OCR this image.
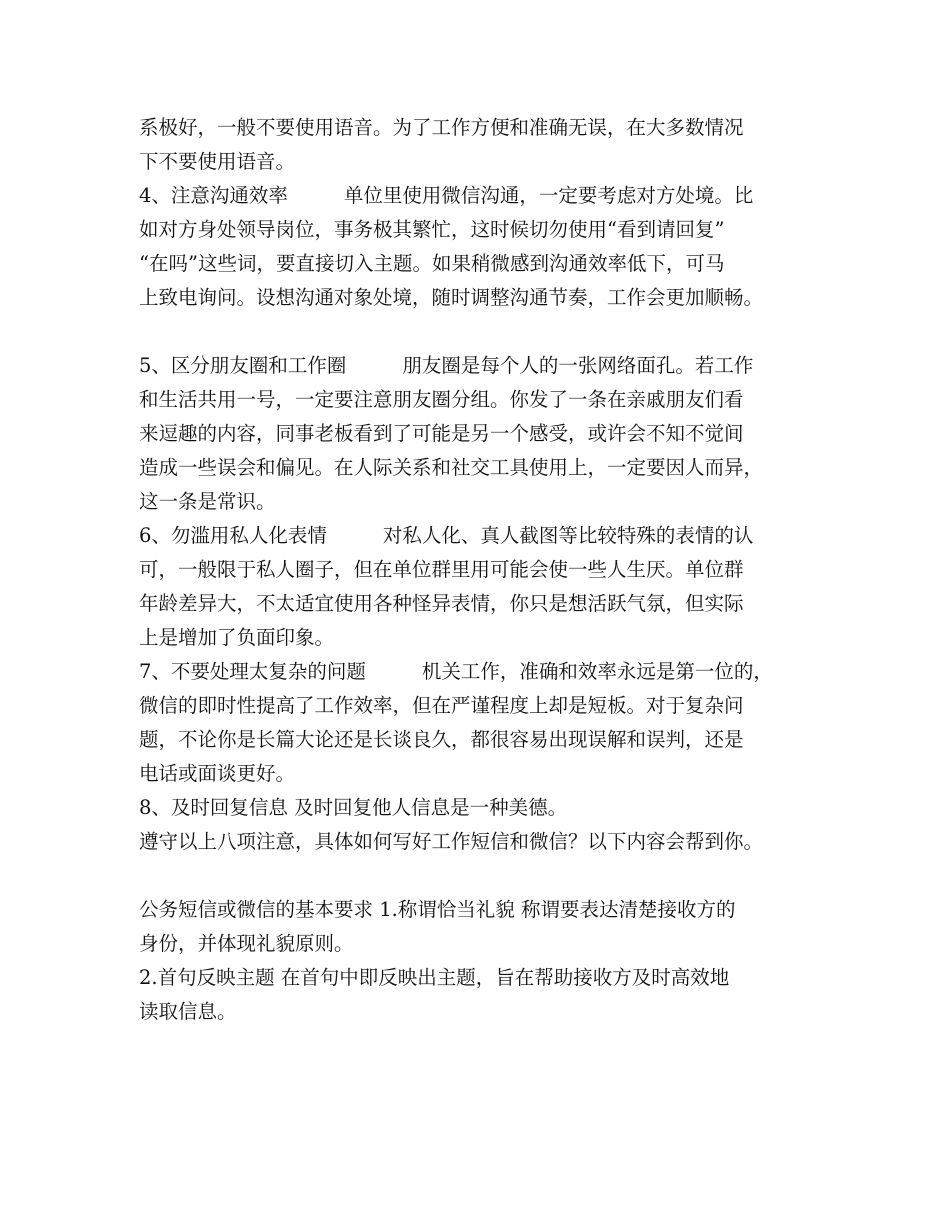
系极好，一般不要使用语音。为了工作方便和准确无误，在大多数情况
下不要使用语音。
4、注意沟通效率	单位里使用微信沟通，一定要考虑对方处境。比
如对方身处领导岗位，事务极其繁忙，这时候切勿使用“看到请回复”
“在吗”这些词，要直接切入主题。如果稍微感到沟通效率低下，可马
上致电询问。设想沟通对象处境，随时调整沟通节奏，工作会更加顺畅。
5、区分朋友圈和工作圈	朋友圈是每个人的一张网络面孔。若工作
和生活共用一号，一定要注意朋友圈分组。你发了一条在亲戚朋友们看
来逗趣的内容，同事老板看到了可能是另一个感受，或许会不知不觉间
造成一些误会和偏见。在人际关系和社交工具使用上，一定要因人而异，
这一条是常识。
6、勿滥用私人化表情	对私人化、真人截图等比较特殊的表情的认
可，一般限于私人圈子，但在单位群里用可能会使一些人生厌。单位群
年龄差异大，不太适宜使用各种怪异表情，你只是想活跃气氛，但实际
上是增加了负面印象。
7、不要处理太复杂的问题	机关工作，准确和效率永远是第一位的，
微信的即时性提高了工作效率，但在严谨程度上却是短板。对于复杂问
题，不论你是长篇大论还是长谈良久，都很容易出现误解和误判，还是
电话或面谈更好。
8、及时回复信息 及时回复他人信息是一种美德。
遵守以上八项注意，具体如何写好工作短信和微信？以下内容会帮到你。
公务短信或微信的基本要求 1.称谓恰当礼貌 称谓要表达清楚接收方的
身份，并体现礼貌原则。
2.首句反映主题 在首句中即反映出主题，旨在帮助接收方及时高效地
读取信息。
